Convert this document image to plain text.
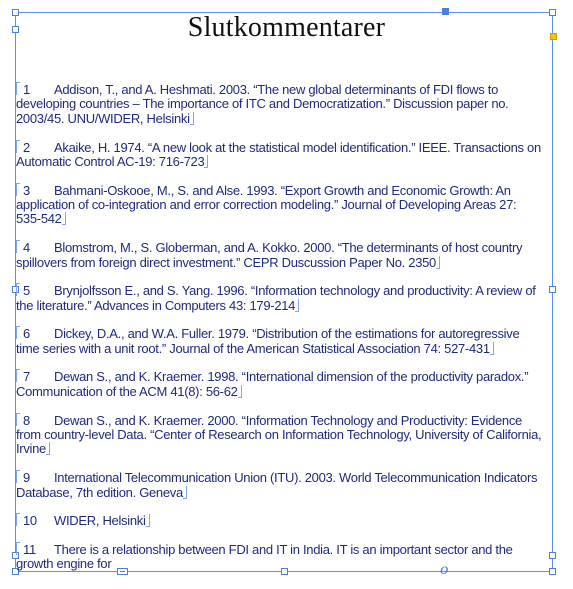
o
Slutkommentarer
1 Addison, T., and A. Heshmati. 2003. “The new global determinants of FDI flows to developing countries – The importance of ITC and Democratization.” Discussion paper no. 2003/45. UNU/WIDER, Helsinki
2 Akaike, H. 1974. “A new look at the statistical model identification.” IEEE. Transactions on Automatic Control AC-19: 716-723
3 Bahmani-Oskooe, M., S. and Alse. 1993. “Export Growth and Economic Growth: An application of co-integration and error correction modeling.” Journal of Developing Areas 27: 535-542
4 Blomstrom, M., S. Globerman, and A. Kokko. 2000. “The determinants of host country spillovers from foreign direct investment.” CEPR Duscussion Paper No. 2350
5 Brynjolfsson E., and S. Yang. 1996. “Information technology and productivity: A review of the literature.” Advances in Computers 43: 179-214
6 Dickey, D.A., and W.A. Fuller. 1979. “Distribution of the estimations for autoregressive time series with a unit root.” Journal of the American Statistical Association 74: 527-431
7 Dewan S., and K. Kraemer. 1998. “International dimension of the productivity paradox.” Communication of the ACM 41(8): 56-62
8 Dewan S., and K. Kraemer. 2000. “Information Technology and Productivity: Evidence from country-level Data. “Center of Research on Information Technology, University of California, Irvine
9 International Telecommunication Union (ITU). 2003. World Telecommunication Indicators Database, 7th edition. Geneva
10 WIDER, Helsinki
11 There is a relationship between FDI and IT in India. IT is an important sector and the growth engine for
